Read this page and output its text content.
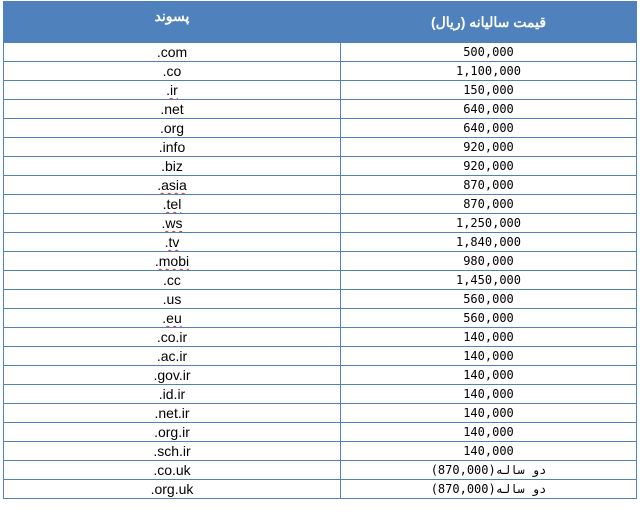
پسوند	قیمت سالیانه (ریال)
.com	500,000
.co	1,100,000
.ir	150,000
.net	640,000
.org	640,000
.info	920,000
.biz	920,000
.asia	870,000
.tel	870,000
.ws	1,250,000
.tv	1,840,000
.mobi	980,000
.cc	1,450,000
.us	560,000
.eu	560,000
.co.ir	140,000
.ac.ir	140,000
.gov.ir	140,000
.id.ir	140,000
.net.ir	140,000
.org.ir	140,000
.sch.ir	140,000
.co.uk	دو ساله(870,000)
.org.uk	دو ساله(870,000)
